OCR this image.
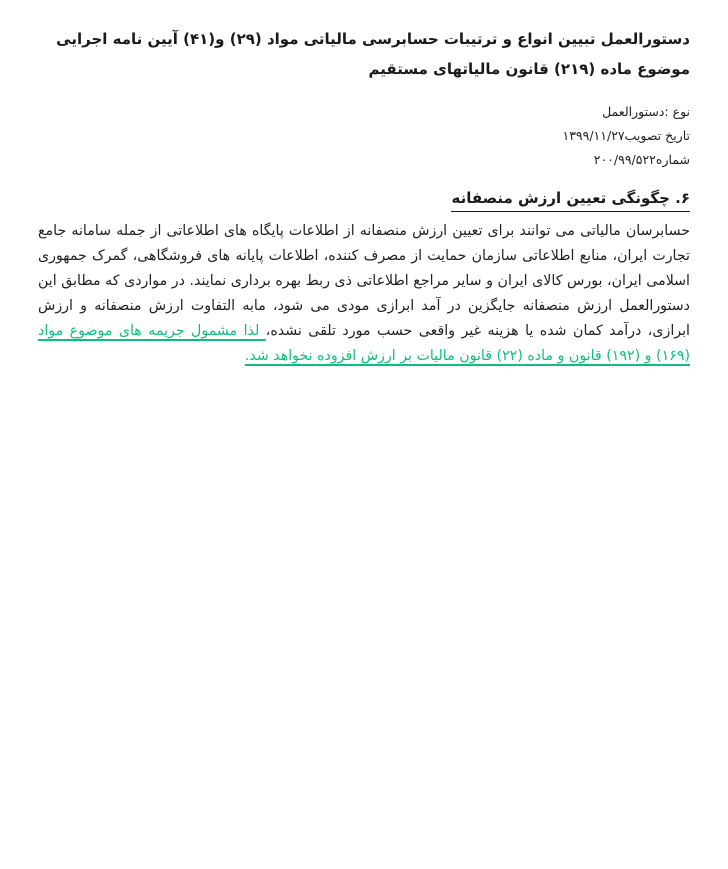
دستورالعمل تبیین انواع و ترتیبات حسابرسی مالیاتی مواد (۲۹) و(۴۱) آیین نامه اجرایی موضوع ماده (۲۱۹) قانون مالیاتهای مستقیم
نوع :دستورالعمل
تاریخ تصویب۱۳۹۹/۱۱/۲۷
شماره۲۰۰/۹۹/۵۲۲
۶. چگونگی تعیین ارزش منصفانه

حسابرسان مالیاتی می توانند برای تعیین ارزش منصفانه از اطلاعات پایگاه های اطلاعاتی از جمله سامانه جامع تجارت ایران، منابع اطلاعاتی سازمان حمایت از مصرف کننده، اطلاعات پایانه های فروشگاهی، گمرک جمهوری اسلامی ایران، بورس کالای ایران و سایر مراجع اطلاعاتی ذی ربط بهره برداری نمایند. در مواردی که مطابق این دستورالعمل ارزش منصفانه جایگزین در آمد ابرازی مودی می شود، مابه التفاوت ارزش منصفانه و ارزش ابرازی، درآمد کمان شده یا هزینه غیر واقعی حسب مورد تلقی نشده، لذا مشمول جریمه های موضوع مواد (۱۶۹) و (۱۹۲) قانون و ماده (۲۲) قانون مالیات بر ارزش افزوده نخواهد شد.
